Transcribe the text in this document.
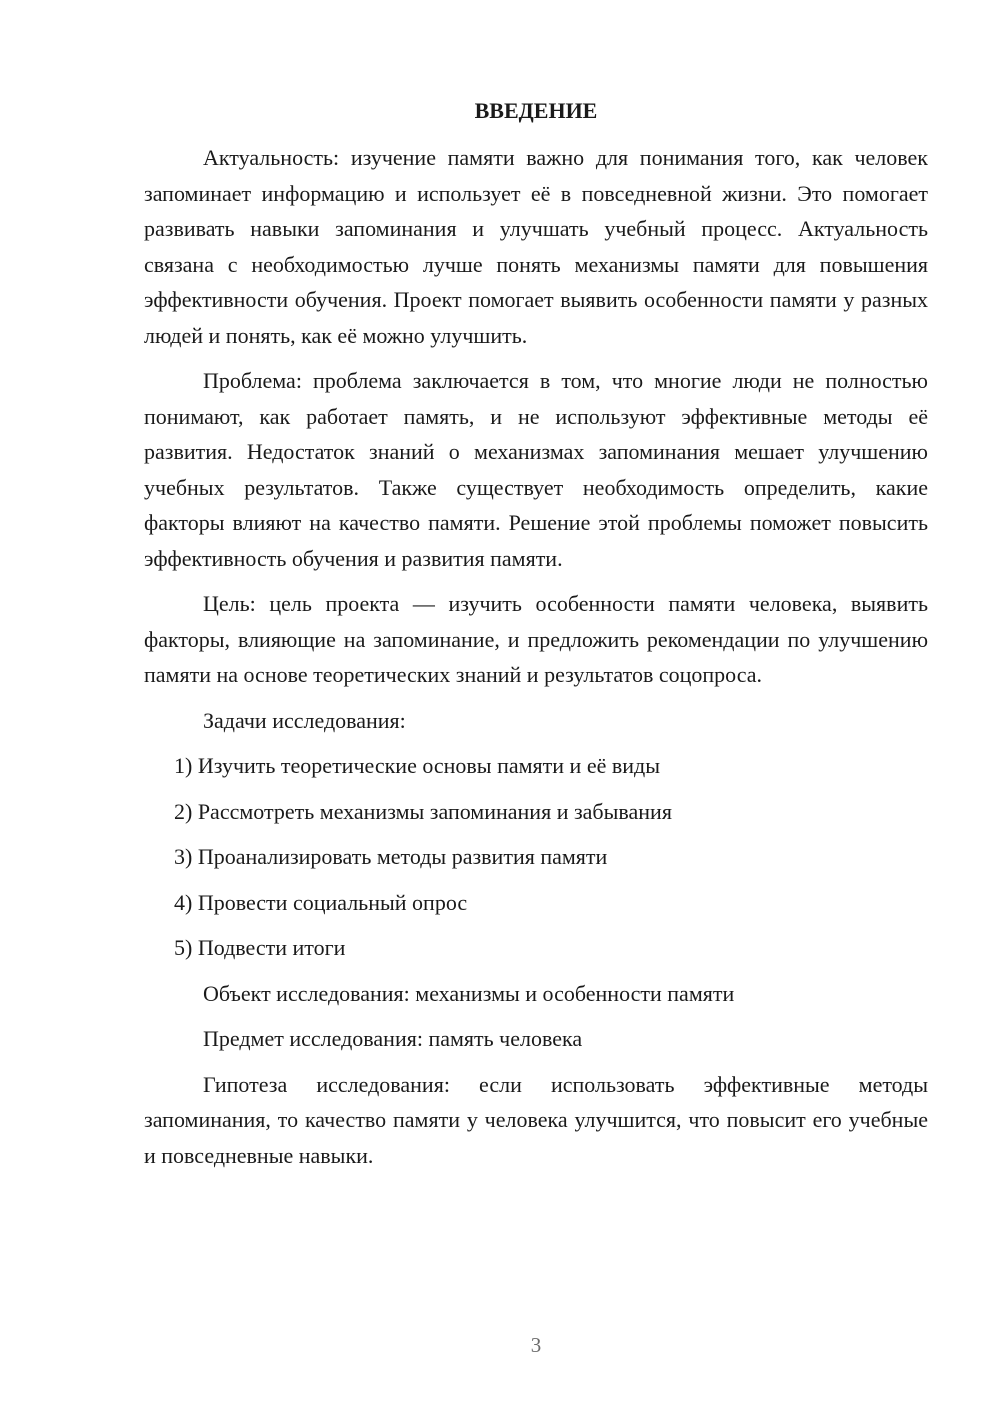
ВВЕДЕНИЕ

Актуальность: изучение памяти важно для понимания того, как человек запоминает информацию и использует её в повседневной жизни. Это помогает развивать навыки запоминания и улучшать учебный процесс. Актуальность связана с необходимостью лучше понять механизмы памяти для повышения эффективности обучения. Проект помогает выявить особенности памяти у разных людей и понять, как её можно улучшить.

Проблема: проблема заключается в том, что многие люди не полностью понимают, как работает память, и не используют эффективные методы её развития. Недостаток знаний о механизмах запоминания мешает улучшению учебных результатов. Также существует необходимость определить, какие факторы влияют на качество памяти. Решение этой проблемы поможет повысить эффективность обучения и развития памяти.

Цель: цель проекта — изучить особенности памяти человека, выявить факторы, влияющие на запоминание, и предложить рекомендации по улучшению памяти на основе теоретических знаний и результатов соцопроса.

Задачи исследования:

1) Изучить теоретические основы памяти и её виды

2) Рассмотреть механизмы запоминания и забывания

3) Проанализировать методы развития памяти

4) Провести социальный опрос

5) Подвести итоги

Объект исследования: механизмы и особенности памяти

Предмет исследования: память человека

Гипотеза исследования: если использовать эффективные методы запоминания, то качество памяти у человека улучшится, что повысит его учебные и повседневные навыки.

3
